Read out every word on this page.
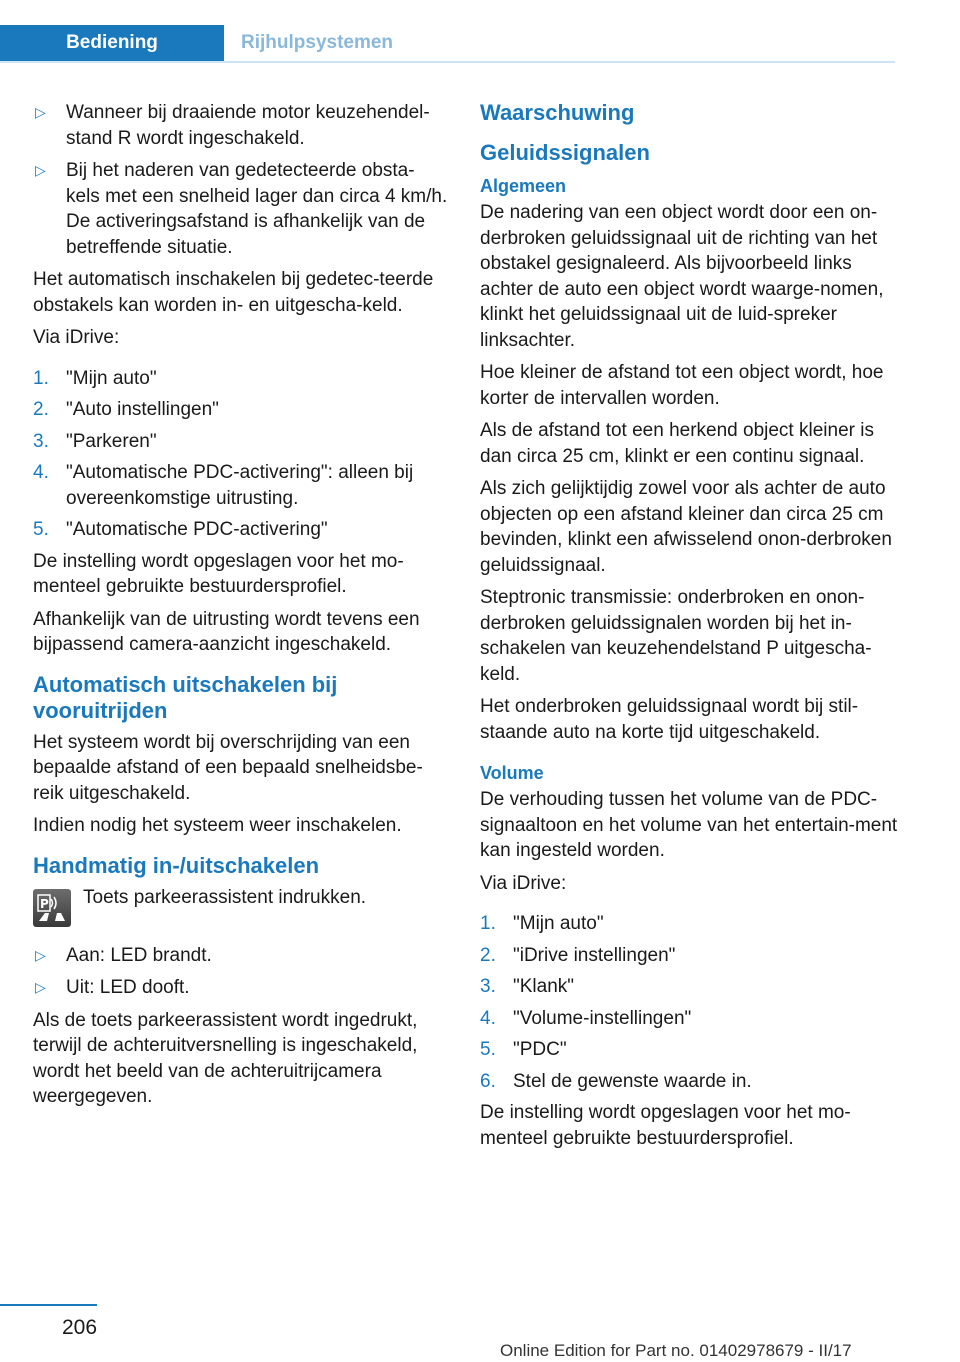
Bediening	Rijhulpsystemen
▷ Wanneer bij draaiende motor keuzehendel-stand R wordt ingeschakeld.
▷ Bij het naderen van gedetecteerde obsta-kels met een snelheid lager dan circa 4 km/h. De activeringsafstand is afhankelijk van de betreffende situatie.

Het automatisch inschakelen bij gedetec-teerde obstakels kan worden in- en uitgescha-keld.

Via iDrive:

1. "Mijn auto"
2. "Auto instellingen"
3. "Parkeren"
4. "Automatische PDC-activering": alleen bij overeenkomstige uitrusting.
5. "Automatische PDC-activering"

De instelling wordt opgeslagen voor het mo-menteel gebruikte bestuurdersprofiel.

Afhankelijk van de uitrusting wordt tevens een bijpassend camera-aanzicht ingeschakeld.

Automatisch uitschakelen bij vooruitrijden

Het systeem wordt bij overschrijding van een bepaalde afstand of een bepaald snelheidsbe-reik uitgeschakeld.

Indien nodig het systeem weer inschakelen.

Handmatig in-/uitschakelen
P Toets parkeerassistent indrukken.
▷ Aan: LED brandt.
▷ Uit: LED dooft.

Als de toets parkeerassistent wordt ingedrukt, terwijl de achteruitversnelling is ingeschakeld, wordt het beeld van de achteruitrijcamera weergegeven.

Waarschuwing
Geluidssignalen
Algemeen

De nadering van een object wordt door een on-derbroken geluidssignaal uit de richting van het obstakel gesignaleerd. Als bijvoorbeeld links achter de auto een object wordt waarge-nomen, klinkt het geluidssignaal uit de luid-spreker linksachter.

Hoe kleiner de afstand tot een object wordt, hoe korter de intervallen worden.

Als de afstand tot een herkend object kleiner is dan circa 25 cm, klinkt er een continu signaal.

Als zich gelijktijdig zowel voor als achter de auto objecten op een afstand kleiner dan circa 25 cm bevinden, klinkt een afwisselend onon-derbroken geluidssignaal.

Steptronic transmissie: onderbroken en onon-derbroken geluidssignalen worden bij het in-schakelen van keuzehendelstand P uitgescha-keld.

Het onderbroken geluidssignaal wordt bij stil-staande auto na korte tijd uitgeschakeld.

Volume

De verhouding tussen het volume van de PDC-signaaltoon en het volume van het entertain-ment kan ingesteld worden.

Via iDrive:

1. "Mijn auto"
2. "iDrive instellingen"
3. "Klank"
4. "Volume-instellingen"
5. "PDC"
6. Stel de gewenste waarde in.

De instelling wordt opgeslagen voor het mo-menteel gebruikte bestuurdersprofiel.

206
Online Edition for Part no. 01402978679 - II/17
